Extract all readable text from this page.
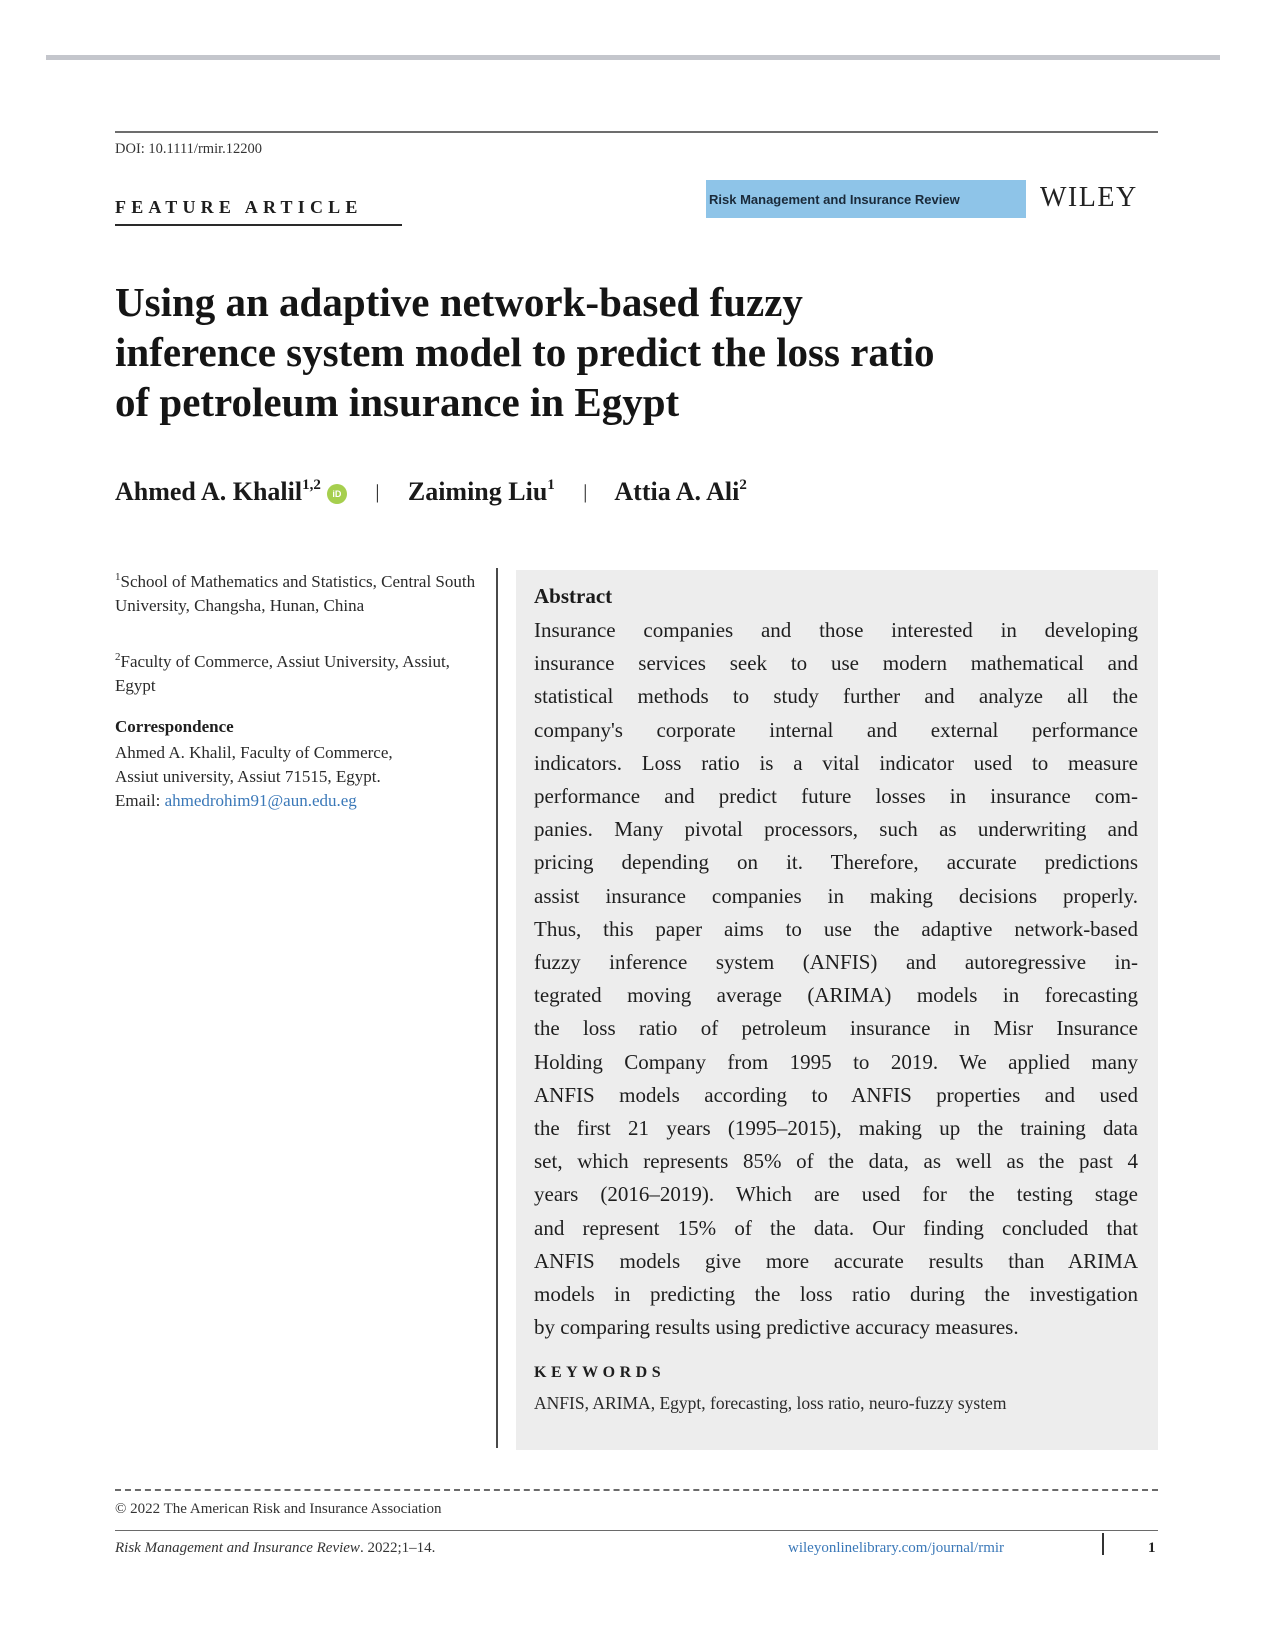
DOI: 10.1111/rmir.12200
FEATURE ARTICLE	Risk Management and Insurance Review	WILEY
Using an adaptive network-based fuzzy
inference system model to predict the loss ratio
of petroleum insurance in Egypt
Ahmed A. Khalil$^{1,2}$iD | Zaiming Liu$^1$ | Attia A. Ali$^2$
$^1$School of Mathematics and Statistics, Central South University, Changsha, Hunan, China
$^2$Faculty of Commerce, Assiut University, Assiut, Egypt
Correspondence
Ahmed A. Khalil, Faculty of Commerce,
Assiut university, Assiut 71515, Egypt.
Email: ahmedrohim91@aun.edu.eg
Abstract
Insurance companies and those interested in developing
insurance services seek to use modern mathematical and
statistical methods to study further and analyze all the
company's corporate internal and external performance
indicators. Loss ratio is a vital indicator used to measure
performance and predict future losses in insurance com-
panies. Many pivotal processors, such as underwriting and
pricing depending on it. Therefore, accurate predictions
assist insurance companies in making decisions properly.
Thus, this paper aims to use the adaptive network-based
fuzzy inference system (ANFIS) and autoregressive in-
tegrated moving average (ARIMA) models in forecasting
the loss ratio of petroleum insurance in Misr Insurance
Holding Company from 1995 to 2019. We applied many
ANFIS models according to ANFIS properties and used
the first 21 years (1995–2015), making up the training data
set, which represents 85% of the data, as well as the past 4
years (2016–2019). Which are used for the testing stage
and represent 15% of the data. Our finding concluded that
ANFIS models give more accurate results than ARIMA
models in predicting the loss ratio during the investigation
by comparing results using predictive accuracy measures.
KEYWORDS
ANFIS, ARIMA, Egypt, forecasting, loss ratio, neuro-fuzzy system
© 2022 The American Risk and Insurance Association
Risk Management and Insurance Review. 2022;1–14.	wileyonlinelibrary.com/journal/rmir	1
